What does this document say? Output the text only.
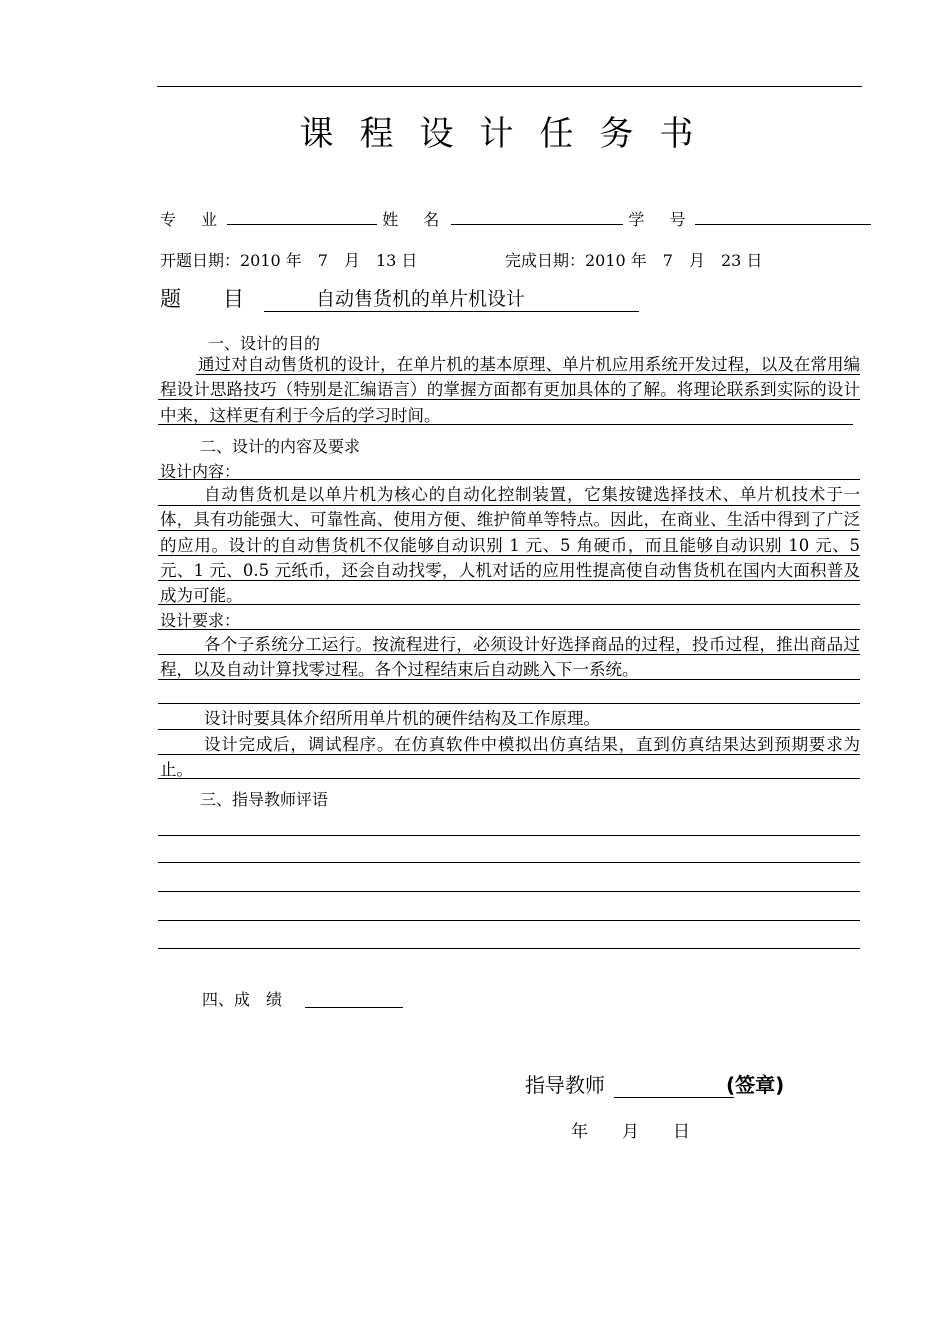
课程设计任务书
专 业	姓 名	学 号
开题日期：2010 年　7　月　13 日	完成日期：2010 年　7　月　23 日
题　　目	自动售货机的单片机设计
一、设计的目的
通过对自动售货机的设计，在单片机的基本原理、单片机应用系统开发过程，以及在常用编程设计思路技巧（特别是汇编语言）的掌握方面都有更加具体的了解。将理论联系到实际的设计中来，这样更有利于今后的学习时间。
二、设计的内容及要求
设计内容：
自动售货机是以单片机为核心的自动化控制装置，它集按键选择技术、单片机技术于一体，具有功能强大、可靠性高、使用方便、维护简单等特点。因此，在商业、生活中得到了广泛的应用。设计的自动售货机不仅能够自动识别 1 元、5 角硬币，而且能够自动识别 10 元、5 元、1 元、0.5 元纸币，还会自动找零，人机对话的应用性提高使自动售货机在国内大面积普及成为可能。
设计要求：
各个子系统分工运行。按流程进行，必须设计好选择商品的过程，投币过程，推出商品过程，以及自动计算找零过程。各个过程结束后自动跳入下一系统。
设计时要具体介绍所用单片机的硬件结构及工作原理。
设计完成后，调试程序。在仿真软件中模拟出仿真结果，直到仿真结果达到预期要求为止。
三、指导教师评语
四、成　绩
指导教师	(签章)
年　　月　　日
